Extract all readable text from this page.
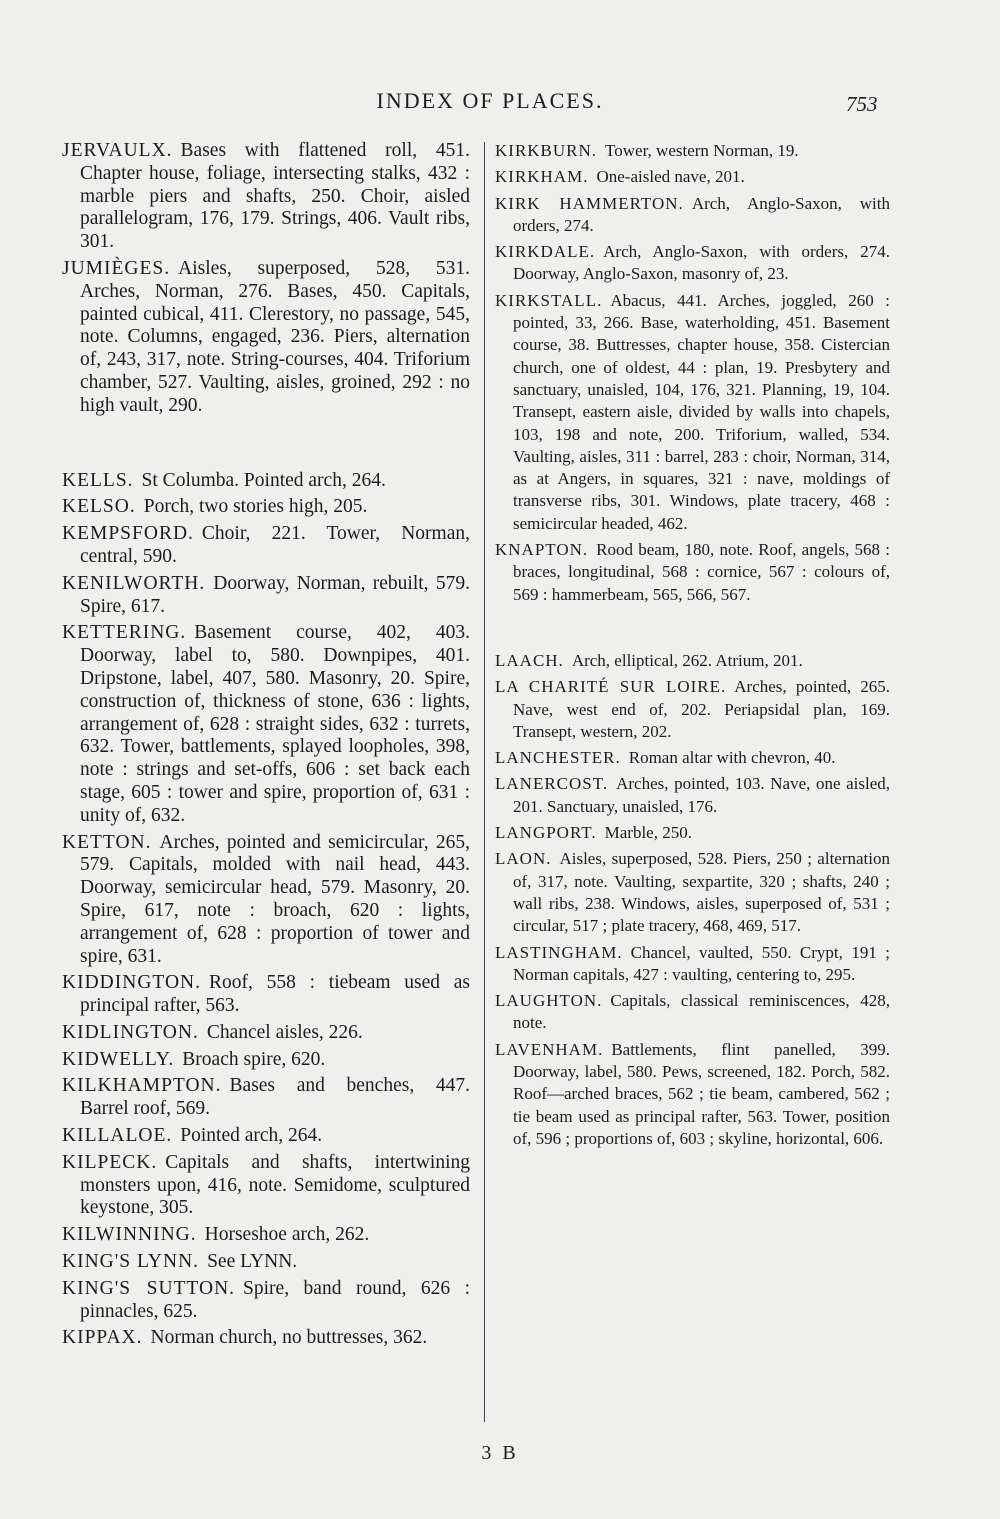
INDEX OF PLACES.	753

JERVAULX. Bases with flattened roll, 451. Chapter house, foliage, intersecting stalks, 432 : marble piers and shafts, 250. Choir, aisled parallelogram, 176, 179. Strings, 406. Vault ribs, 301.

JUMIÈGES. Aisles, superposed, 528, 531. Arches, Norman, 276. Bases, 450. Capitals, painted cubical, 411. Clerestory, no passage, 545, note. Columns, engaged, 236. Piers, alternation of, 243, 317, note. String-courses, 404. Triforium chamber, 527. Vaulting, aisles, groined, 292 : no high vault, 290.

KELLS. St Columba. Pointed arch, 264.

KELSO. Porch, two stories high, 205.

KEMPSFORD. Choir, 221. Tower, Norman, central, 590.

KENILWORTH. Doorway, Norman, rebuilt, 579. Spire, 617.

KETTERING. Basement course, 402, 403. Doorway, label to, 580. Downpipes, 401. Dripstone, label, 407, 580. Masonry, 20. Spire, construction of, thickness of stone, 636 : lights, arrangement of, 628 : straight sides, 632 : turrets, 632. Tower, battlements, splayed loopholes, 398, note : strings and set-offs, 606 : set back each stage, 605 : tower and spire, proportion of, 631 : unity of, 632.

KETTON. Arches, pointed and semicircular, 265, 579. Capitals, molded with nail head, 443. Doorway, semicircular head, 579. Masonry, 20. Spire, 617, note : broach, 620 : lights, arrangement of, 628 : proportion of tower and spire, 631.

KIDDINGTON. Roof, 558 : tiebeam used as principal rafter, 563.

KIDLINGTON. Chancel aisles, 226.

KIDWELLY. Broach spire, 620.

KILKHAMPTON. Bases and benches, 447. Barrel roof, 569.

KILLALOE. Pointed arch, 264.

KILPECK. Capitals and shafts, intertwining monsters upon, 416, note. Semidome, sculptured keystone, 305.

KILWINNING. Horseshoe arch, 262.

KING'S LYNN. See LYNN.

KING'S SUTTON. Spire, band round, 626 : pinnacles, 625.

KIPPAX. Norman church, no buttresses, 362.

KIRKBURN. Tower, western Norman, 19.

KIRKHAM. One-aisled nave, 201.

KIRK HAMMERTON. Arch, Anglo-Saxon, with orders, 274.

KIRKDALE. Arch, Anglo-Saxon, with orders, 274. Doorway, Anglo-Saxon, masonry of, 23.

KIRKSTALL. Abacus, 441. Arches, joggled, 260 : pointed, 33, 266. Base, waterholding, 451. Basement course, 38. Buttresses, chapter house, 358. Cistercian church, one of oldest, 44 : plan, 19. Presbytery and sanctuary, unaisled, 104, 176, 321. Planning, 19, 104. Transept, eastern aisle, divided by walls into chapels, 103, 198 and note, 200. Triforium, walled, 534. Vaulting, aisles, 311 : barrel, 283 : choir, Norman, 314, as at Angers, in squares, 321 : nave, moldings of transverse ribs, 301. Windows, plate tracery, 468 : semicircular headed, 462.

KNAPTON. Rood beam, 180, note. Roof, angels, 568 : braces, longitudinal, 568 : cornice, 567 : colours of, 569 : hammerbeam, 565, 566, 567.

LAACH. Arch, elliptical, 262. Atrium, 201.

LA CHARITÉ SUR LOIRE. Arches, pointed, 265. Nave, west end of, 202. Periapsidal plan, 169. Transept, western, 202.

LANCHESTER. Roman altar with chevron, 40.

LANERCOST. Arches, pointed, 103. Nave, one aisled, 201. Sanctuary, unaisled, 176.

LANGPORT. Marble, 250.

LAON. Aisles, superposed, 528. Piers, 250 ; alternation of, 317, note. Vaulting, sexpartite, 320 ; shafts, 240 ; wall ribs, 238. Windows, aisles, superposed of, 531 ; circular, 517 ; plate tracery, 468, 469, 517.

LASTINGHAM. Chancel, vaulted, 550. Crypt, 191 ; Norman capitals, 427 : vaulting, centering to, 295.

LAUGHTON. Capitals, classical reminiscences, 428, note.

LAVENHAM. Battlements, flint panelled, 399. Doorway, label, 580. Pews, screened, 182. Porch, 582. Roof—arched braces, 562 ; tie beam, cambered, 562 ; tie beam used as principal rafter, 563. Tower, position of, 596 ; proportions of, 603 ; skyline, horizontal, 606.

3 B
